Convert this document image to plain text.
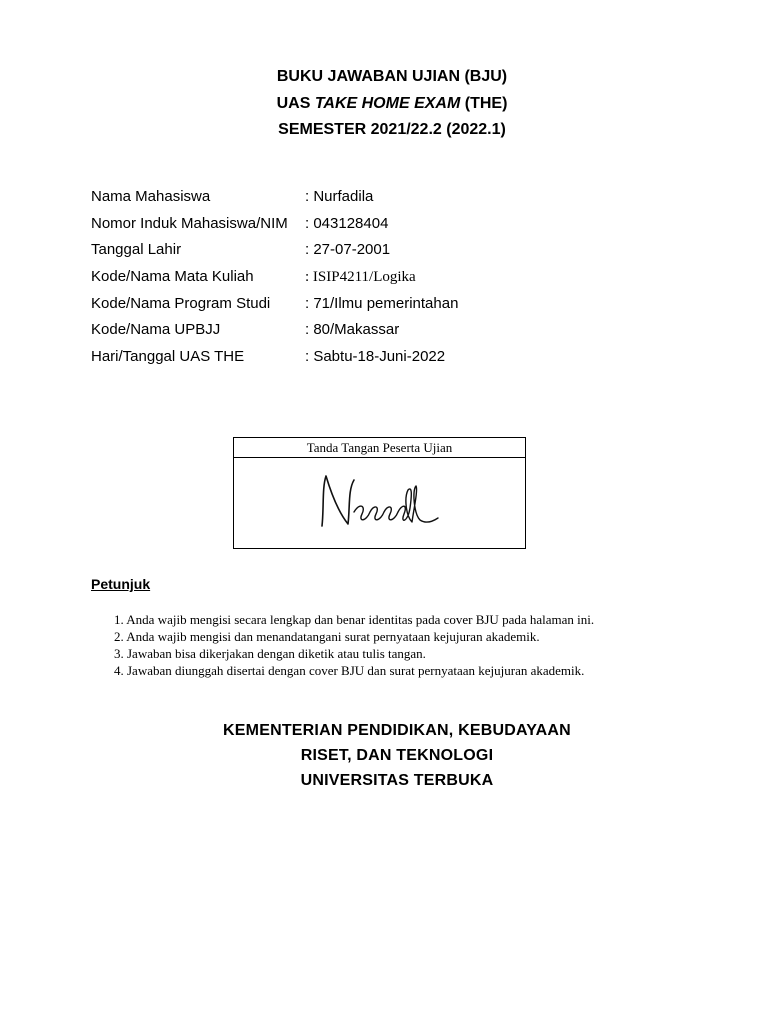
BUKU JAWABAN UJIAN (BJU)
UAS TAKE HOME EXAM (THE)
SEMESTER 2021/22.2 (2022.1)
Nama Mahasiswa	: Nurfadila
Nomor Induk Mahasiswa/NIM : 043128404
Tanggal Lahir	: 27-07-2001
Kode/Nama Mata Kuliah	: ISIP4211/Logika
Kode/Nama Program Studi : 71/Ilmu pemerintahan
Kode/Nama UPBJJ	: 80/Makassar
Hari/Tanggal UAS THE	: Sabtu-18-Juni-2022
Tanda Tangan Peserta Ujian
Petunjuk
1. Anda wajib mengisi secara lengkap dan benar identitas pada cover BJU pada halaman ini.
2. Anda wajib mengisi dan menandatangani surat pernyataan kejujuran akademik.
3. Jawaban bisa dikerjakan dengan diketik atau tulis tangan.
4. Jawaban diunggah disertai dengan cover BJU dan surat pernyataan kejujuran akademik.
KEMENTERIAN PENDIDIKAN, KEBUDAYAAN
RISET, DAN TEKNOLOGI
UNIVERSITAS TERBUKA
